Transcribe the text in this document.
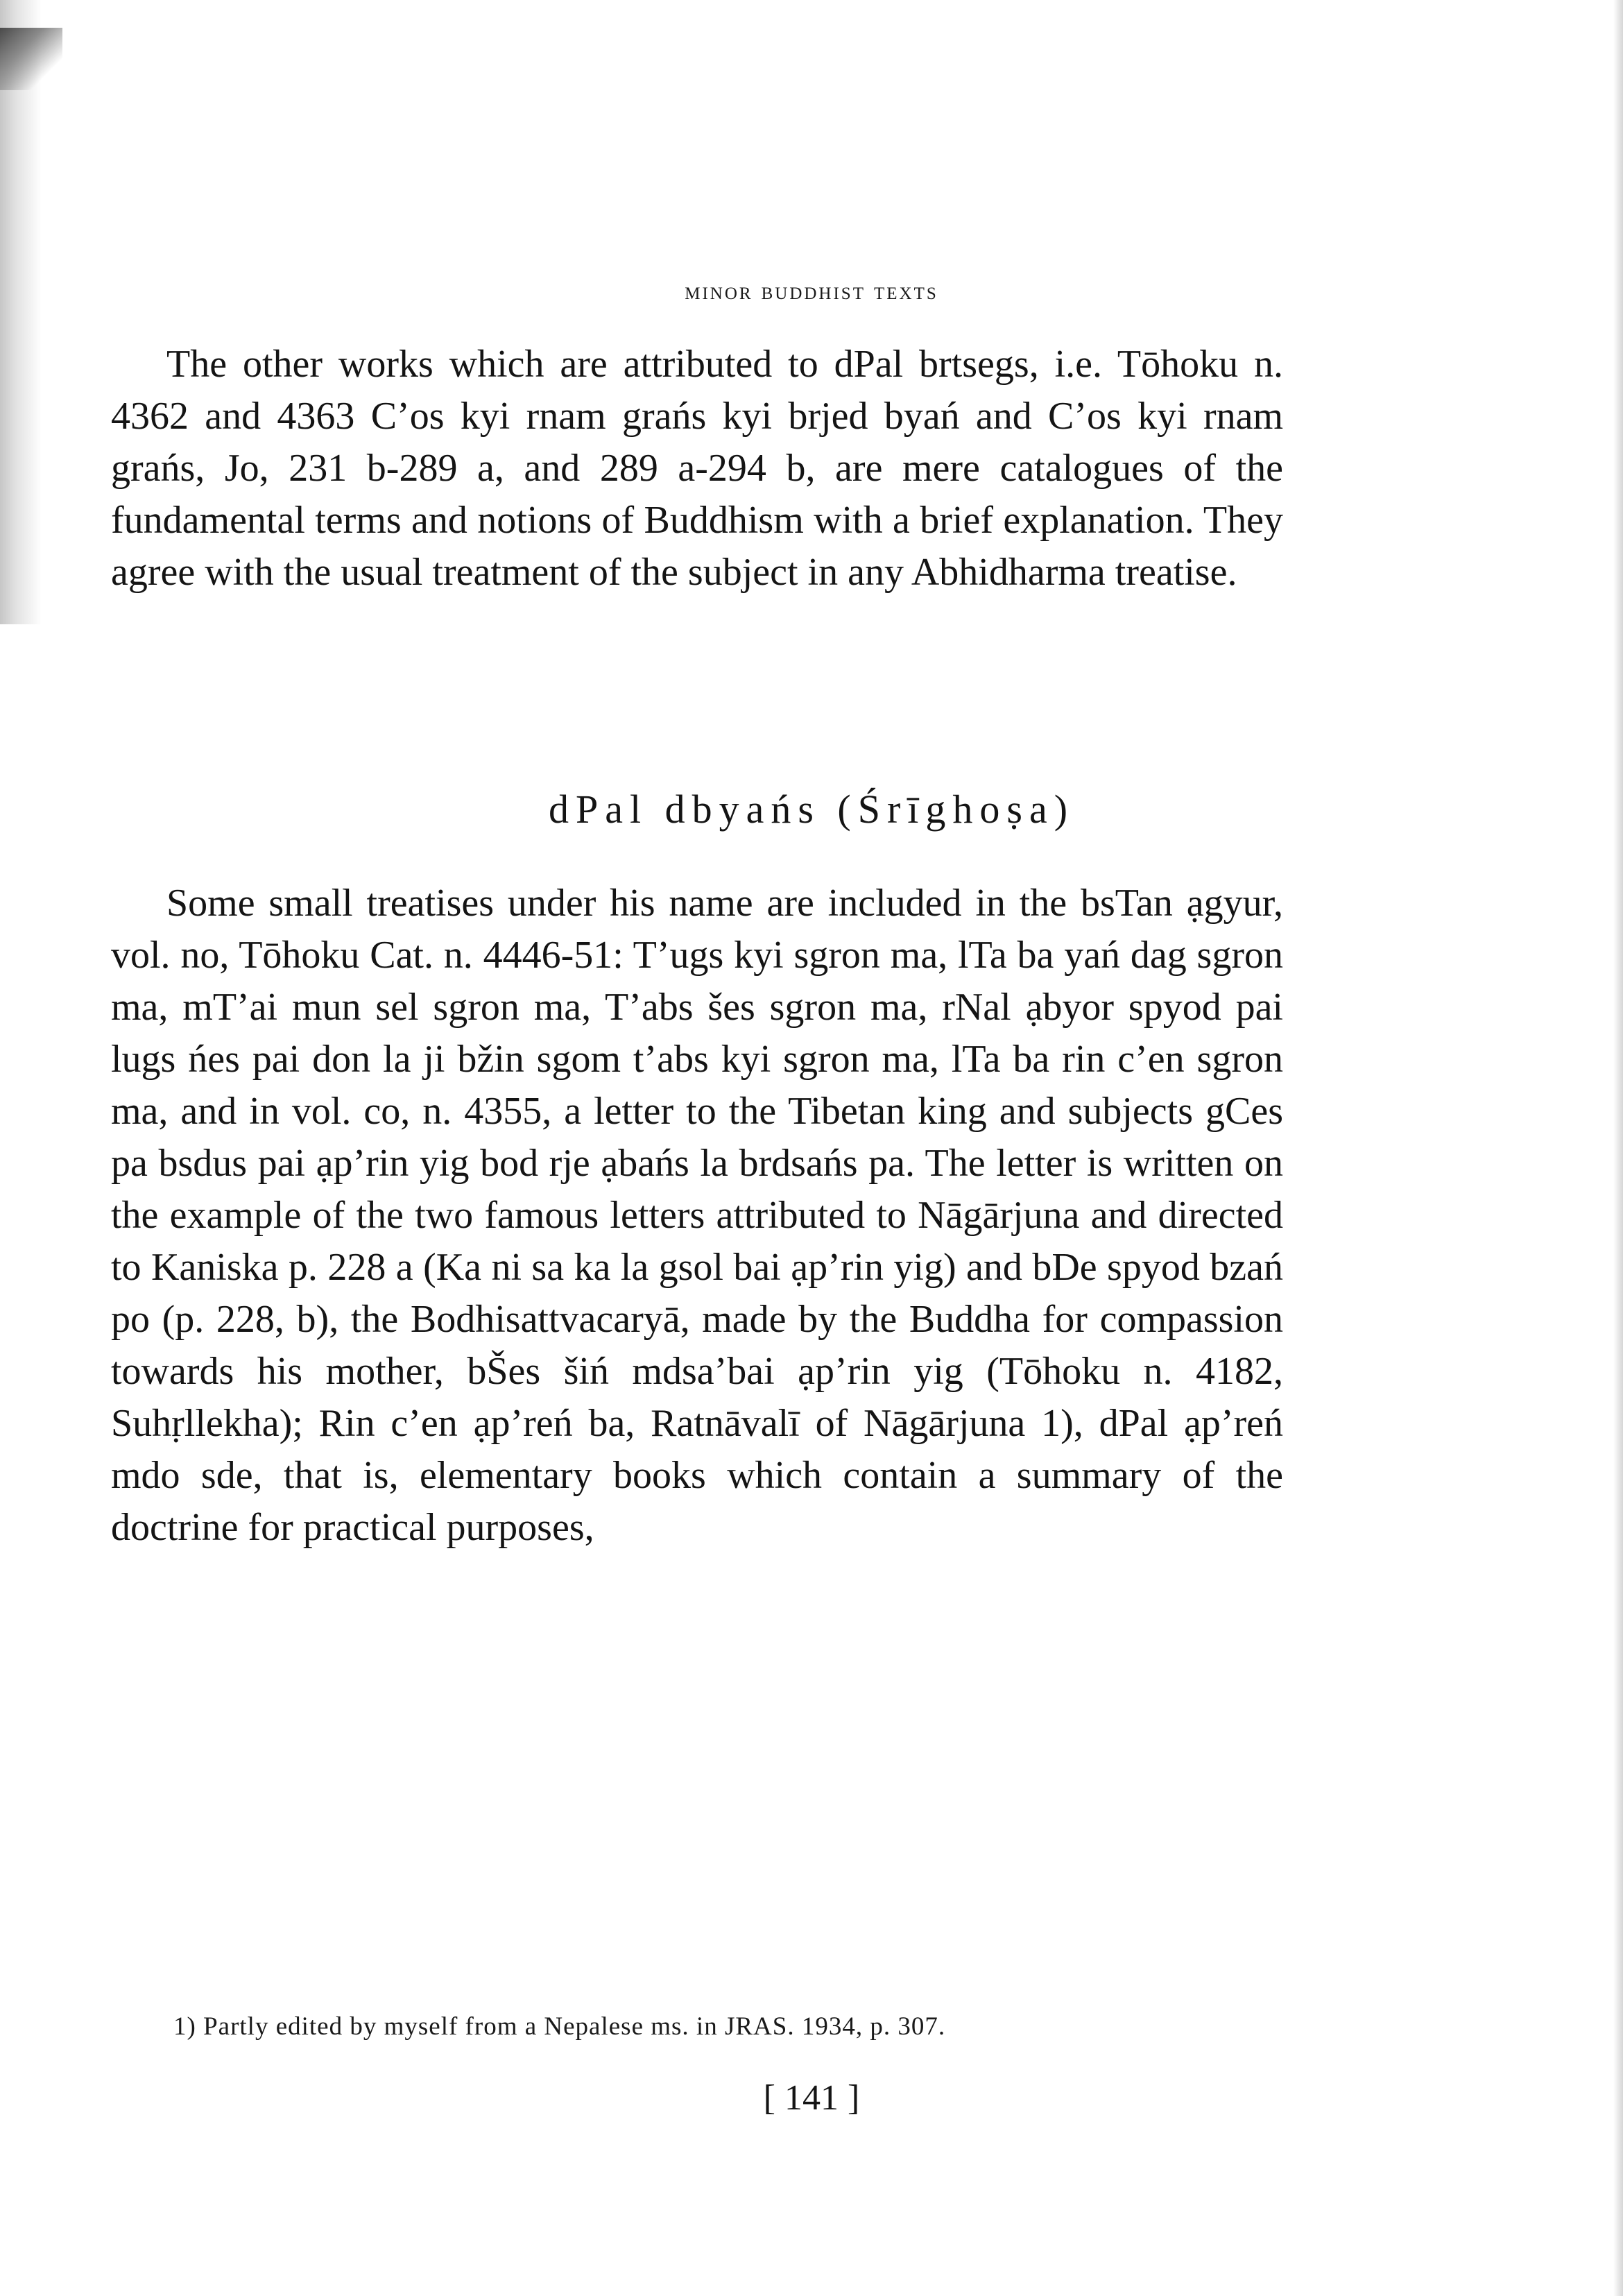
minor buddhist texts
The other works which are attributed to dPal brtsegs, i.e. Tōhoku n. 4362 and 4363 C’os kyi rnam grańs kyi brjed byań and C’os kyi rnam grańs, Jo, 231 b-289 a, and 289 a-294 b, are mere catalogues of the fundamental terms and notions of Buddhism with a brief explanation. They agree with the usual treatment of the subject in any Abhidharma treatise.
dPal dbyańs (Śrīghoṣa)
Some small treatises under his name are included in the bsTan ạgyur, vol. no, Tōhoku Cat. n. 4446-51: T’ugs kyi sgron ma, lTa ba yań dag sgron ma, mT’ai mun sel sgron ma, T’abs šes sgron ma, rNal ạbyor spyod pai lugs ńes pai don la ji bžin sgom t’abs kyi sgron ma, lTa ba rin c’en sgron ma, and in vol. co, n. 4355, a letter to the Tibetan king and subjects gCes pa bsdus pai ạp’rin yig bod rje ạbańs la brdsańs pa. The letter is written on the example of the two famous letters attributed to Nāgārjuna and directed to Kaniska p. 228 a (Ka ni sa ka la gsol bai ạp’rin yig) and bDe spyod bzań po (p. 228, b), the Bodhisattvacaryā, made by the Buddha for compassion towards his mother, bŠes šiń mdsa’bai ạp’rin yig (Tōhoku n. 4182, Suhṛllekha); Rin c’en ạp’reń ba, Ratnāvalī of Nāgārjuna 1), dPal ạp’reń mdo sde, that is, elementary books which contain a summary of the doctrine for practical purposes,
1) Partly edited by myself from a Nepalese ms. in JRAS. 1934, p. 307.
[ 141 ]
